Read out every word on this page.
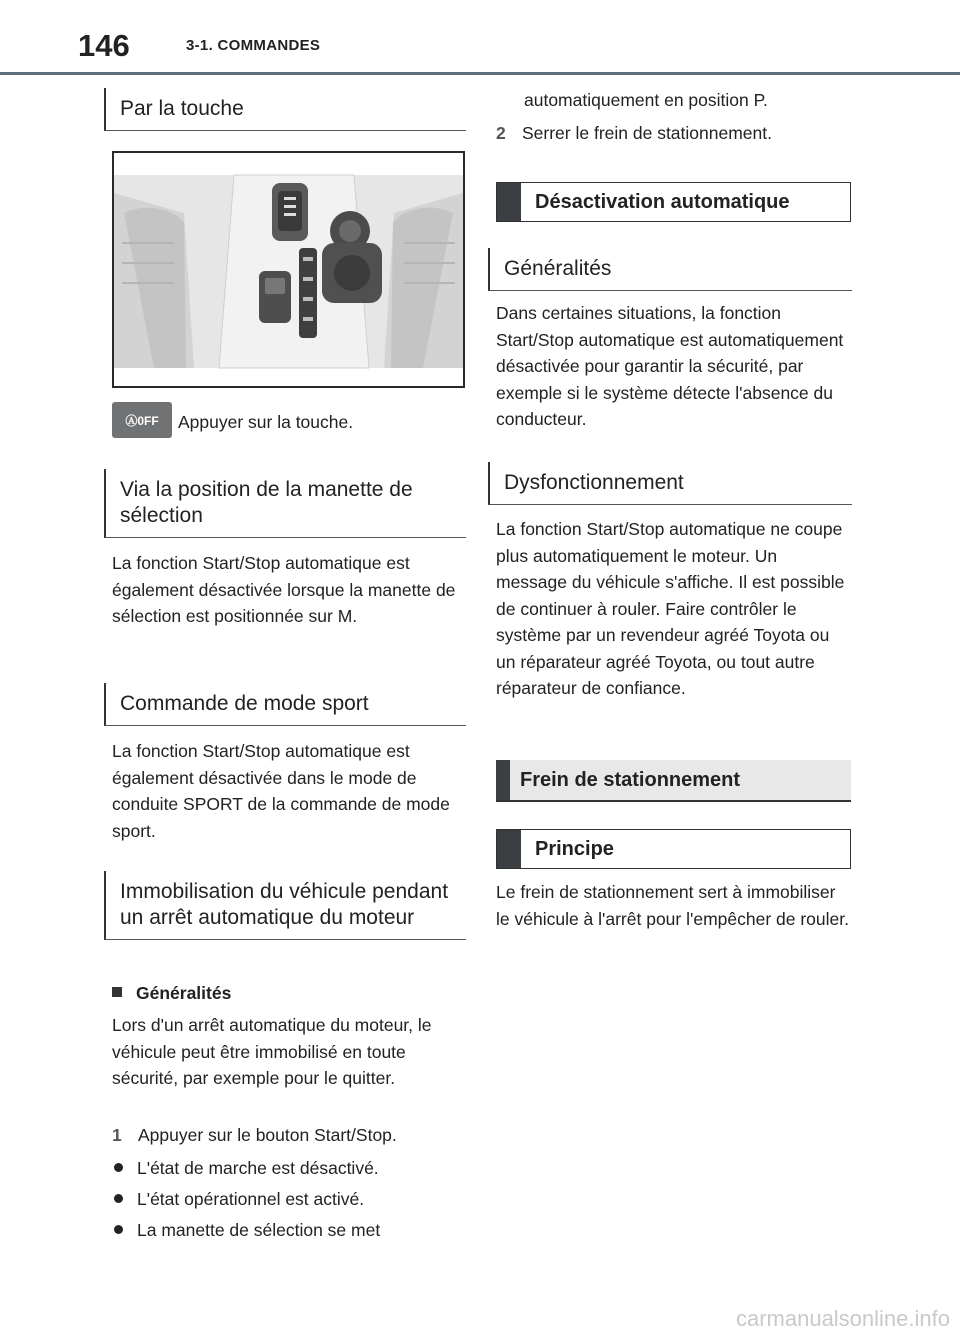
146	3-1. COMMANDES
Par la touche
Ⓐ0FF	Appuyer sur la touche.
Via la position de la manette de sélection
La fonction Start/Stop automatique est également désactivée lorsque la manette de sélection est positionnée sur M.
Commande de mode sport
La fonction Start/Stop automatique est également désactivée dans le mode de conduite SPORT de la commande de mode sport.
Immobilisation du véhicule pendant un arrêt automatique du moteur
Généralités
Lors d'un arrêt automatique du moteur, le véhicule peut être immobilisé en toute sécurité, par exemple pour le quitter.
1 Appuyer sur le bouton Start/Stop.
L'état de marche est désactivé.
L'état opérationnel est activé.
La manette de sélection se met
automatiquement en position P.
2 Serrer le frein de stationnement.
Désactivation automatique
Généralités
Dans certaines situations, la fonction Start/Stop automatique est automatiquement désactivée pour garantir la sécurité, par exemple si le système détecte l'absence du conducteur.
Dysfonctionnement
La fonction Start/Stop automatique ne coupe plus automatiquement le moteur. Un message du véhicule s'affiche. Il est possible de continuer à rouler. Faire contrôler le système par un revendeur agréé Toyota ou un réparateur agréé Toyota, ou tout autre réparateur de confiance.
Frein de stationnement
Principe
Le frein de stationnement sert à immobiliser le véhicule à l'arrêt pour l'empêcher de rouler.
carmanualsonline.info
